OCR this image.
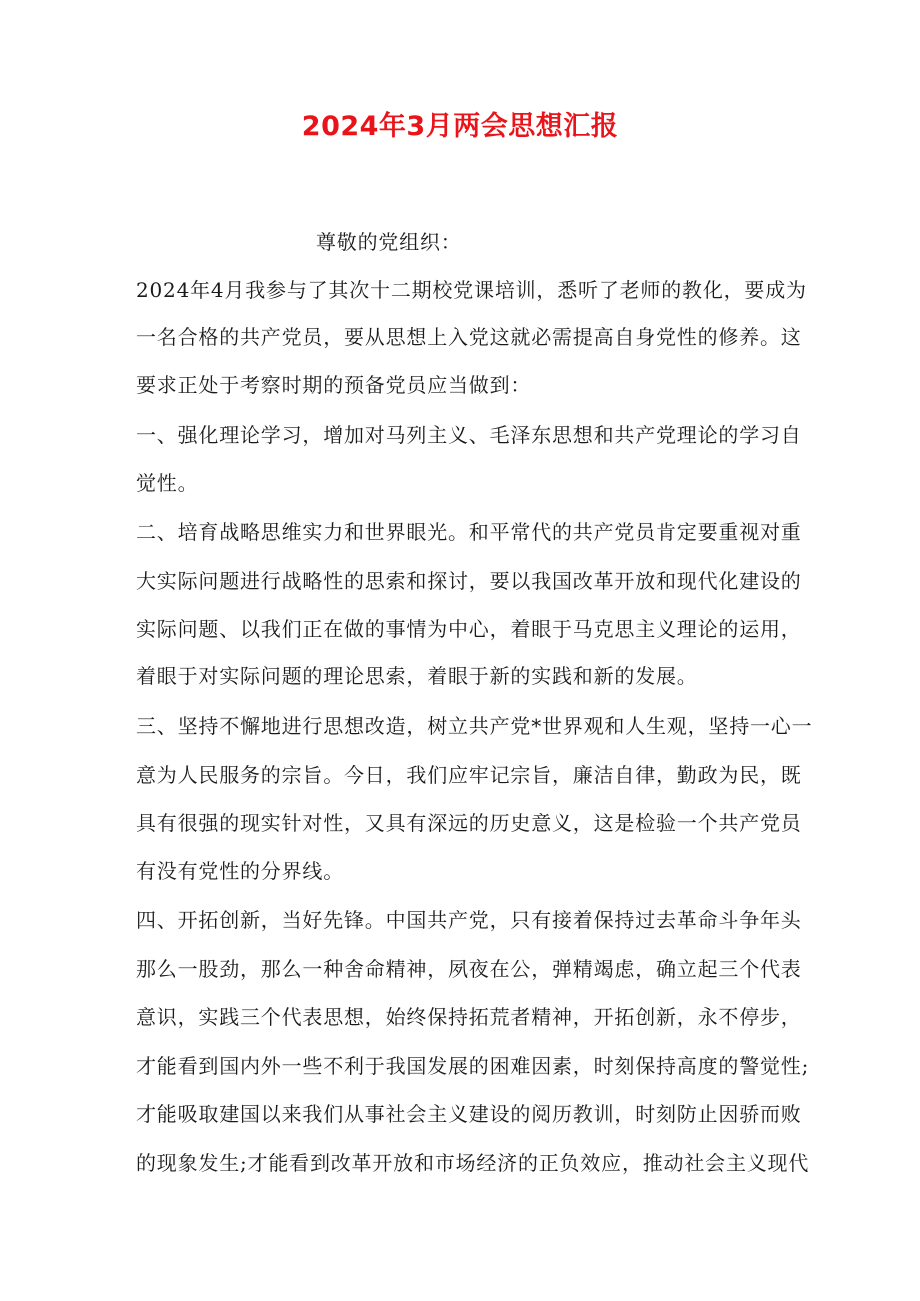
2024年3月两会思想汇报

尊敬的党组织：

2024年4月我参与了其次十二期校党课培训，悉听了老师的教化，要成为

一名合格的共产党员，要从思想上入党这就必需提高自身党性的修养。这

要求正处于考察时期的预备党员应当做到：

一、强化理论学习，增加对马列主义、毛泽东思想和共产党理论的学习自

觉性。

二、培育战略思维实力和世界眼光。和平常代的共产党员肯定要重视对重

大实际问题进行战略性的思索和探讨，要以我国改革开放和现代化建设的

实际问题、以我们正在做的事情为中心，着眼于马克思主义理论的运用，

着眼于对实际问题的理论思索，着眼于新的实践和新的发展。

三、坚持不懈地进行思想改造，树立共产党*世界观和人生观，坚持一心一

意为人民服务的宗旨。今日，我们应牢记宗旨，廉洁自律，勤政为民，既

具有很强的现实针对性，又具有深远的历史意义，这是检验一个共产党员

有没有党性的分界线。

四、开拓创新，当好先锋。中国共产党，只有接着保持过去革命斗争年头

那么一股劲，那么一种舍命精神，夙夜在公，弹精竭虑，确立起三个代表

意识，实践三个代表思想，始终保持拓荒者精神，开拓创新，永不停步，

才能看到国内外一些不利于我国发展的困难因素，时刻保持高度的警觉性;

才能吸取建国以来我们从事社会主义建设的阅历教训，时刻防止因骄而败

的现象发生;才能看到改革开放和市场经济的正负效应，推动社会主义现代
